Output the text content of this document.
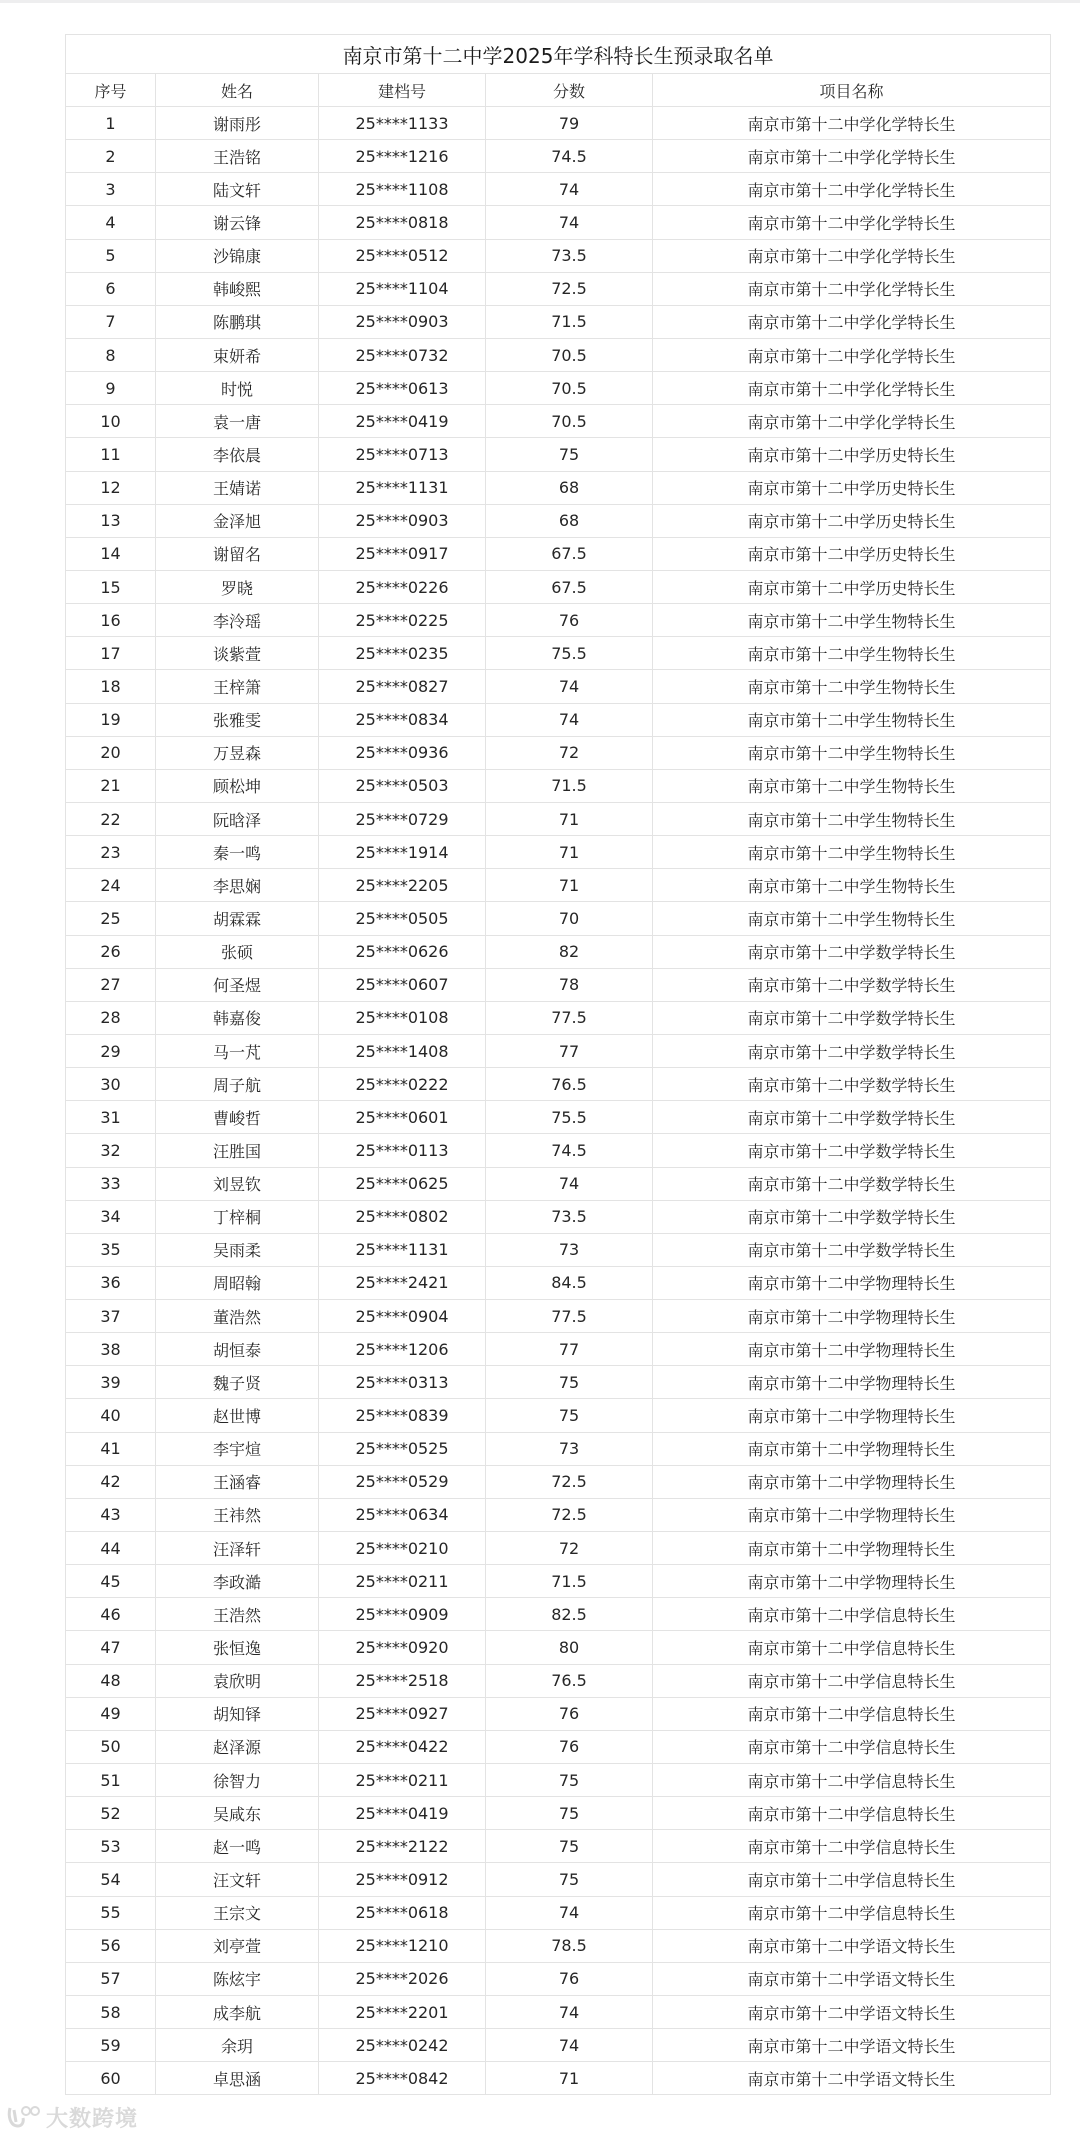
南京市第十二中学2025年学科特长生预录取名单				
序号	姓名	建档号	分数	项目名称
1	谢雨彤	25****1133	79	南京市第十二中学化学特长生
2	王浩铭	25****1216	74.5	南京市第十二中学化学特长生
3	陆文轩	25****1108	74	南京市第十二中学化学特长生
4	谢云锋	25****0818	74	南京市第十二中学化学特长生
5	沙锦康	25****0512	73.5	南京市第十二中学化学特长生
6	韩峻熙	25****1104	72.5	南京市第十二中学化学特长生
7	陈鹏琪	25****0903	71.5	南京市第十二中学化学特长生
8	束妍希	25****0732	70.5	南京市第十二中学化学特长生
9	时悦	25****0613	70.5	南京市第十二中学化学特长生
10	袁一唐	25****0419	70.5	南京市第十二中学化学特长生
11	李依晨	25****0713	75	南京市第十二中学历史特长生
12	王婧诺	25****1131	68	南京市第十二中学历史特长生
13	金泽旭	25****0903	68	南京市第十二中学历史特长生
14	谢留名	25****0917	67.5	南京市第十二中学历史特长生
15	罗晓	25****0226	67.5	南京市第十二中学历史特长生
16	李泠瑶	25****0225	76	南京市第十二中学生物特长生
17	谈紫萱	25****0235	75.5	南京市第十二中学生物特长生
18	王梓箫	25****0827	74	南京市第十二中学生物特长生
19	张雅雯	25****0834	74	南京市第十二中学生物特长生
20	万昱森	25****0936	72	南京市第十二中学生物特长生
21	顾松坤	25****0503	71.5	南京市第十二中学生物特长生
22	阮晗泽	25****0729	71	南京市第十二中学生物特长生
23	秦一鸣	25****1914	71	南京市第十二中学生物特长生
24	李思娴	25****2205	71	南京市第十二中学生物特长生
25	胡霖霖	25****0505	70	南京市第十二中学生物特长生
26	张硕	25****0626	82	南京市第十二中学数学特长生
27	何圣煜	25****0607	78	南京市第十二中学数学特长生
28	韩嘉俊	25****0108	77.5	南京市第十二中学数学特长生
29	马一芃	25****1408	77	南京市第十二中学数学特长生
30	周子航	25****0222	76.5	南京市第十二中学数学特长生
31	曹峻哲	25****0601	75.5	南京市第十二中学数学特长生
32	汪胜国	25****0113	74.5	南京市第十二中学数学特长生
33	刘昱钦	25****0625	74	南京市第十二中学数学特长生
34	丁梓桐	25****0802	73.5	南京市第十二中学数学特长生
35	吴雨柔	25****1131	73	南京市第十二中学数学特长生
36	周昭翰	25****2421	84.5	南京市第十二中学物理特长生
37	董浩然	25****0904	77.5	南京市第十二中学物理特长生
38	胡恒泰	25****1206	77	南京市第十二中学物理特长生
39	魏子贤	25****0313	75	南京市第十二中学物理特长生
40	赵世博	25****0839	75	南京市第十二中学物理特长生
41	李宇煊	25****0525	73	南京市第十二中学物理特长生
42	王涵睿	25****0529	72.5	南京市第十二中学物理特长生
43	王祎然	25****0634	72.5	南京市第十二中学物理特长生
44	汪泽轩	25****0210	72	南京市第十二中学物理特长生
45	李政澔	25****0211	71.5	南京市第十二中学物理特长生
46	王浩然	25****0909	82.5	南京市第十二中学信息特长生
47	张恒逸	25****0920	80	南京市第十二中学信息特长生
48	袁欣明	25****2518	76.5	南京市第十二中学信息特长生
49	胡知铎	25****0927	76	南京市第十二中学信息特长生
50	赵泽源	25****0422	76	南京市第十二中学信息特长生
51	徐智力	25****0211	75	南京市第十二中学信息特长生
52	吴咸东	25****0419	75	南京市第十二中学信息特长生
53	赵一鸣	25****2122	75	南京市第十二中学信息特长生
54	汪文轩	25****0912	75	南京市第十二中学信息特长生
55	王宗文	25****0618	74	南京市第十二中学信息特长生
56	刘亭萱	25****1210	78.5	南京市第十二中学语文特长生
57	陈炫宇	25****2026	76	南京市第十二中学语文特长生
58	成李航	25****2201	74	南京市第十二中学语文特长生
59	余玥	25****0242	74	南京市第十二中学语文特长生
60	卓思涵	25****0842	71	南京市第十二中学语文特长生
大数跨境
